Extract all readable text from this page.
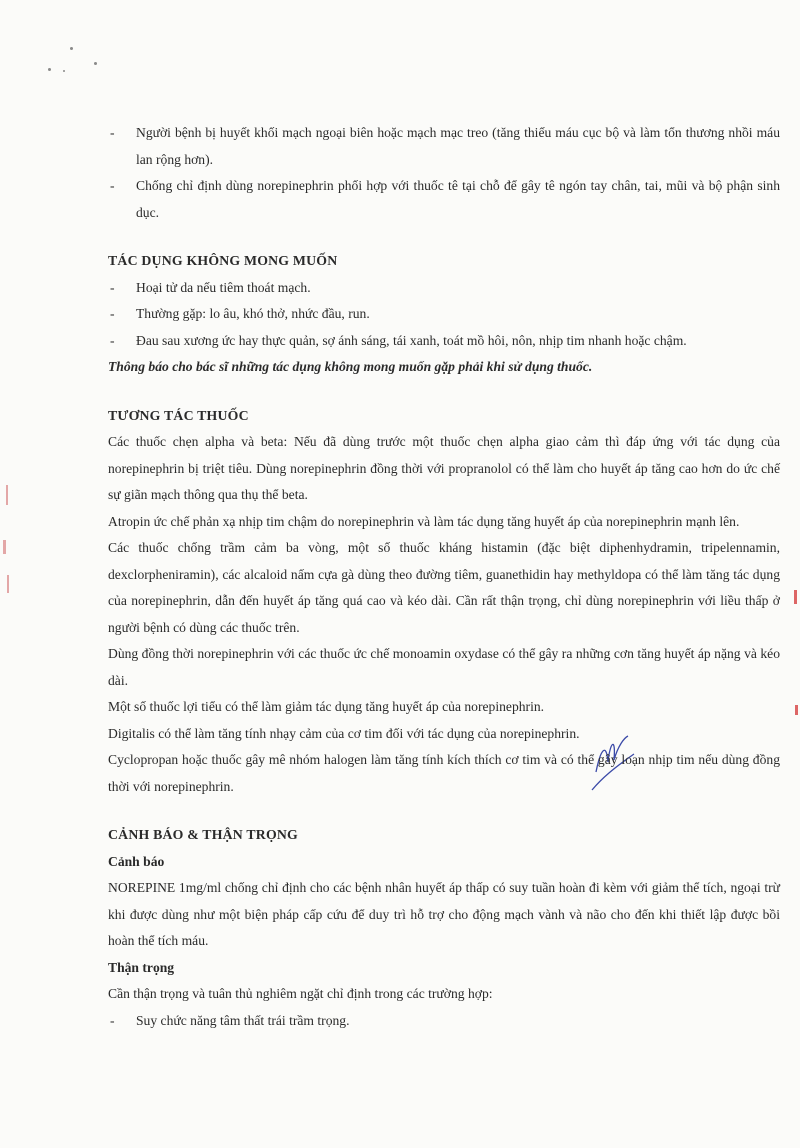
-	Người bệnh bị huyết khối mạch ngoại biên hoặc mạch mạc treo (tăng thiếu máu cục bộ và làm tổn thương nhồi máu lan rộng hơn).
-	Chống chỉ định dùng norepinephrin phối hợp với thuốc tê tại chỗ để gây tê ngón tay chân, tai, mũi và bộ phận sinh dục.
TÁC DỤNG KHÔNG MONG MUỐN
-	Hoại tử da nếu tiêm thoát mạch.
-	Thường gặp: lo âu, khó thở, nhức đầu, run.
-	Đau sau xương ức hay thực quản, sợ ánh sáng, tái xanh, toát mồ hôi, nôn, nhịp tim nhanh hoặc chậm.

Thông báo cho bác sĩ những tác dụng không mong muốn gặp phải khi sử dụng thuốc.

TƯƠNG TÁC THUỐC

Các thuốc chẹn alpha và beta: Nếu đã dùng trước một thuốc chẹn alpha giao cảm thì đáp ứng với tác dụng của norepinephrin bị triệt tiêu. Dùng norepinephrin đồng thời với propranolol có thể làm cho huyết áp tăng cao hơn do ức chế sự giãn mạch thông qua thụ thể beta.

Atropin ức chế phản xạ nhịp tim chậm do norepinephrin và làm tác dụng tăng huyết áp của norepinephrin mạnh lên.

Các thuốc chống trầm cảm ba vòng, một số thuốc kháng histamin (đặc biệt diphenhydramin, tripelennamin, dexclorpheniramin), các alcaloid nấm cựa gà dùng theo đường tiêm, guanethidin hay methyldopa có thể làm tăng tác dụng của norepinephrin, dẫn đến huyết áp tăng quá cao và kéo dài. Cần rất thận trọng, chỉ dùng norepinephrin với liều thấp ở người bệnh có dùng các thuốc trên.

Dùng đồng thời norepinephrin với các thuốc ức chế monoamin oxydase có thể gây ra những cơn tăng huyết áp nặng và kéo dài.

Một số thuốc lợi tiểu có thể làm giảm tác dụng tăng huyết áp của norepinephrin.

Digitalis có thể làm tăng tính nhạy cảm của cơ tim đối với tác dụng của norepinephrin.

Cyclopropan hoặc thuốc gây mê nhóm halogen làm tăng tính kích thích cơ tim và có thể gây loạn nhịp tim nếu dùng đồng thời với norepinephrin.

CẢNH BÁO & THẬN TRỌNG
Cảnh báo

NOREPINE 1mg/ml chống chỉ định cho các bệnh nhân huyết áp thấp có suy tuần hoàn đi kèm với giảm thể tích, ngoại trừ khi được dùng như một biện pháp cấp cứu để duy trì hỗ trợ cho động mạch vành và não cho đến khi thiết lập được bồi hoàn thể tích máu.

Thận trọng

Cần thận trọng và tuân thủ nghiêm ngặt chỉ định trong các trường hợp:

-	Suy chức năng tâm thất trái trầm trọng.
